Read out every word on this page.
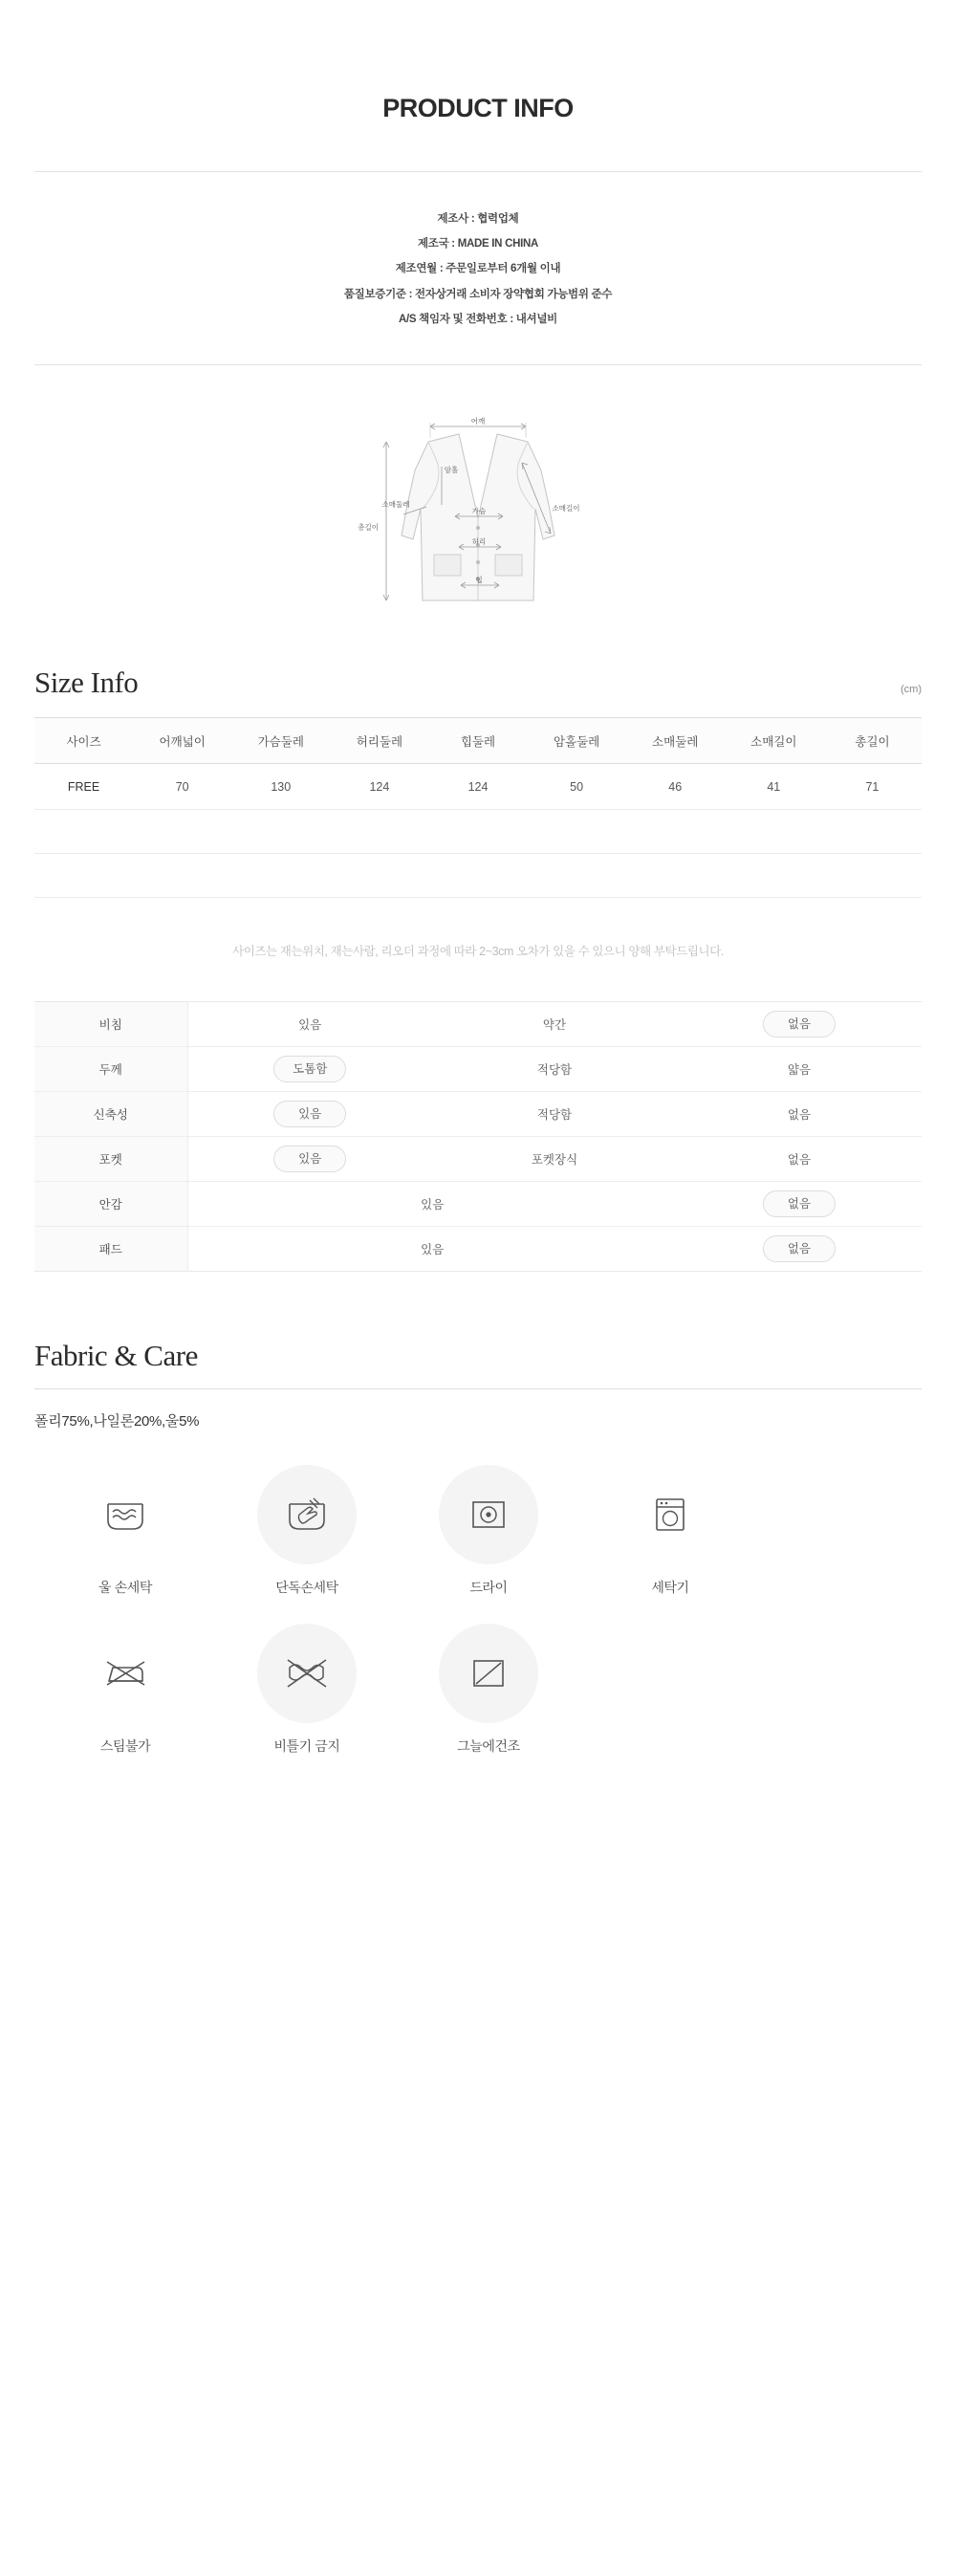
PRODUCT INFO
제조사 : 협력업체
제조국 : MADE IN CHINA
제조연월 : 주문일로부터 6개월 이내
품질보증기준 : 전자상거래 소비자 장약협회 가능범위 준수
A/S 책임자 및 전화번호 : 내셔널비
어깨
암홀
소매둘레
가슴	소매길이
총길이
허리
힙
Size Info	(cm)
사이즈	어깨넓이	가슴둘레	허리둘레	힙둘레	암홀둘레	소매둘레	소매길이	총길이
FREE	70	130	124	124	50	46	41	71

사이즈는 재는위치, 재는사람, 리오더 과정에 따라 2~3cm 오차가 있을 수 있으니 양해 부탁드립니다.
비침	있음	약간	없음
두께	도톰함	적당함	얇음
신축성	있음	적당함	없음
포켓	있음	포켓장식	없음
안감	있음		없음
패드	있음		없음
Fabric & Care
폴리75%,나일론20%,울5%
울 손세탁	단독손세탁	드라이	세탁기
스팀불가	비틀기 금지	그늘에건조
